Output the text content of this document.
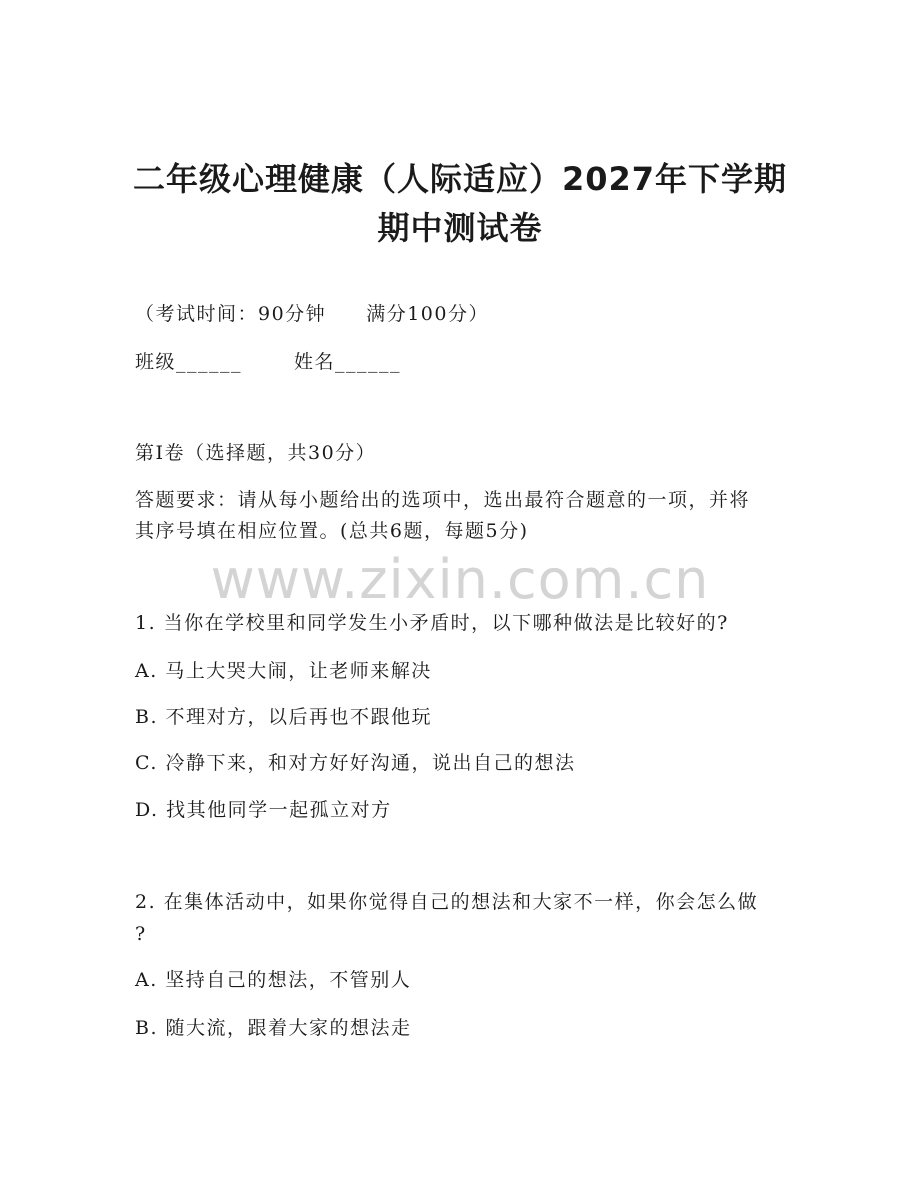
www.zixin.com.cn
二年级心理健康（人际适应）2027年下学期
期中测试卷
（考试时间：90分钟 满分100分）
班级______	姓名______
第Ⅰ卷（选择题，共30分）
答题要求：请从每小题给出的选项中，选出最符合题意的一项，并将
其序号填在相应位置。(总共6题，每题5分)
1. 当你在学校里和同学发生小矛盾时，以下哪种做法是比较好的?
A. 马上大哭大闹，让老师来解决
B. 不理对方，以后再也不跟他玩
C. 冷静下来，和对方好好沟通，说出自己的想法
D. 找其他同学一起孤立对方
2. 在集体活动中，如果你觉得自己的想法和大家不一样，你会怎么做
?
A. 坚持自己的想法，不管别人
B. 随大流，跟着大家的想法走
